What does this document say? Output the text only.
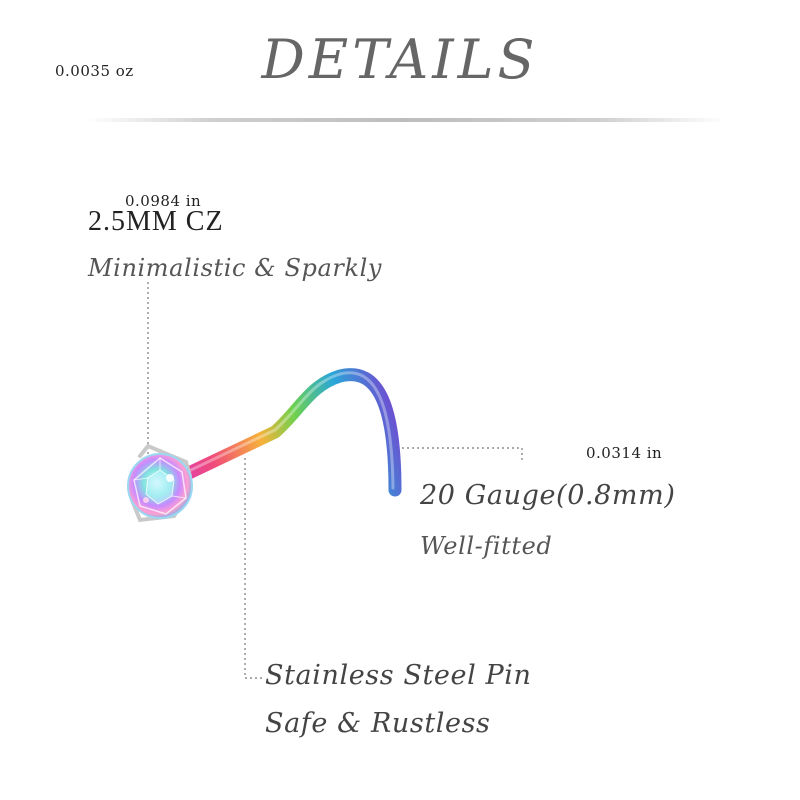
0.0035 oz	DETAILS
0.0984 in
2.5MM CZ
Minimalistic & Sparkly
0.0314 in
20 Gauge(0.8mm)
Well-fitted
Stainless Steel Pin
Safe & Rustless
